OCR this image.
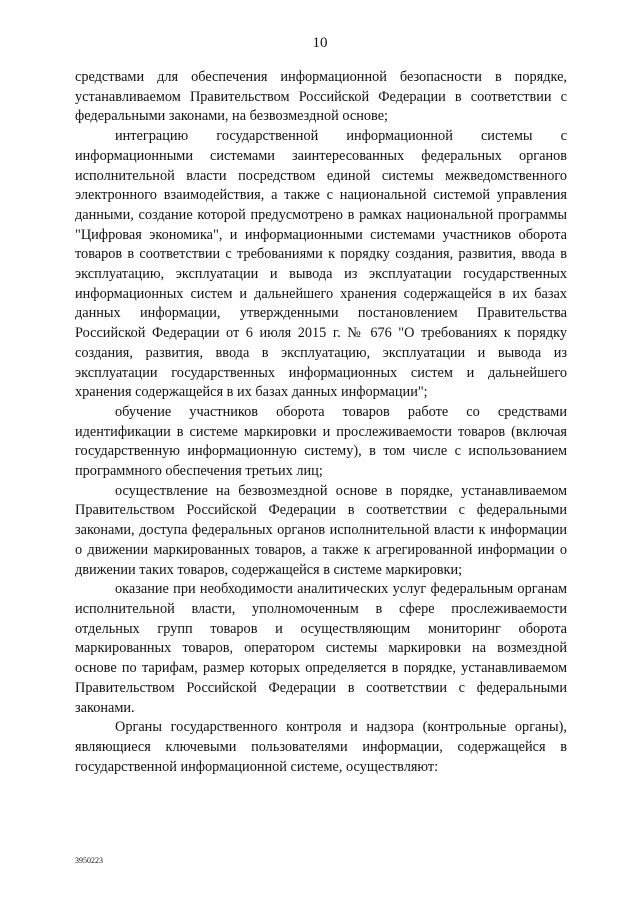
10

средствами для обеспечения информационной безопасности в порядке, устанавливаемом Правительством Российской Федерации в соответствии с федеральными законами, на безвозмездной основе;

интеграцию государственной информационной системы с информационными системами заинтересованных федеральных органов исполнительной власти посредством единой системы межведомственного электронного взаимодействия, а также с национальной системой управления данными, создание которой предусмотрено в рамках национальной программы "Цифровая экономика", и информационными системами участников оборота товаров в соответствии с требованиями к порядку создания, развития, ввода в эксплуатацию, эксплуатации и вывода из эксплуатации государственных информационных систем и дальнейшего хранения содержащейся в их базах данных информации, утвержденными постановлением Правительства Российской Федерации от 6 июля 2015 г. № 676 "О требованиях к порядку создания, развития, ввода в эксплуатацию, эксплуатации и вывода из эксплуатации государственных информационных систем и дальнейшего хранения содержащейся в их базах данных информации";

обучение участников оборота товаров работе со средствами идентификации в системе маркировки и прослеживаемости товаров (включая государственную информационную систему), в том числе с использованием программного обеспечения третьих лиц;

осуществление на безвозмездной основе в порядке, устанавливаемом Правительством Российской Федерации в соответствии с федеральными законами, доступа федеральных органов исполнительной власти к информации о движении маркированных товаров, а также к агрегированной информации о движении таких товаров, содержащейся в системе маркировки;

оказание при необходимости аналитических услуг федеральным органам исполнительной власти, уполномоченным в сфере прослеживаемости отдельных групп товаров и осуществляющим мониторинг оборота маркированных товаров, оператором системы маркировки на возмездной основе по тарифам, размер которых определяется в порядке, устанавливаемом Правительством Российской Федерации в соответствии с федеральными законами.

Органы государственного контроля и надзора (контрольные органы), являющиеся ключевыми пользователями информации, содержащейся в государственной информационной системе, осуществляют:

3950223
